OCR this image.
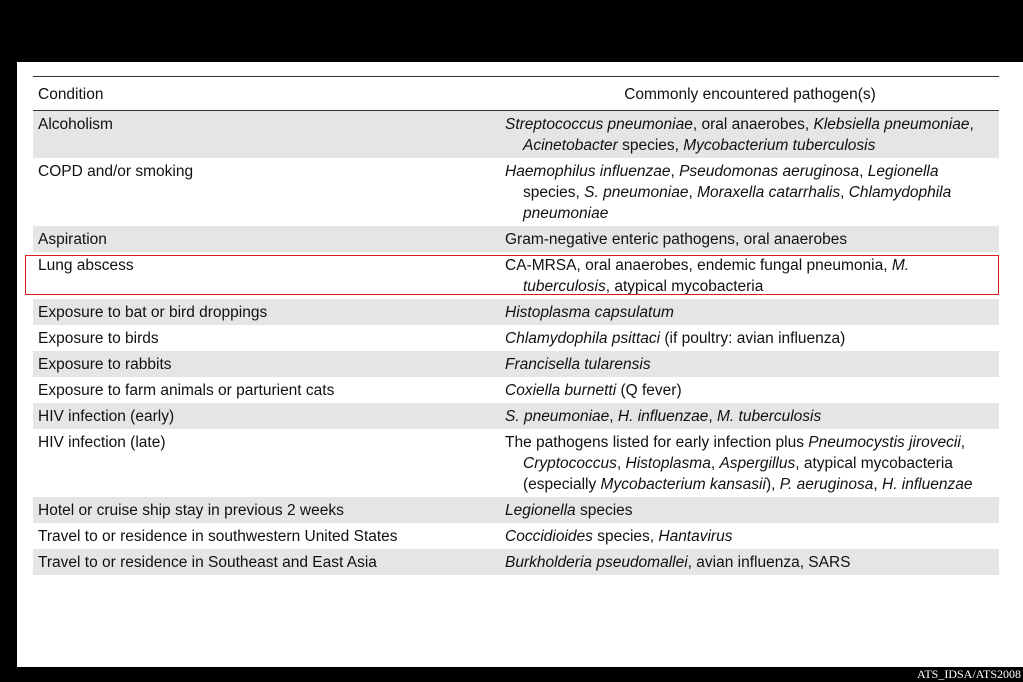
Condition	Commonly encountered pathogen(s)
Alcoholism	Streptococcus pneumoniae, oral anaerobes, Klebsiella pneumoniae, Acinetobacter species, Mycobacterium tuberculosis

COPD and/or smoking	Haemophilus influenzae, Pseudomonas aeruginosa, Legionella species, S. pneumoniae, Moraxella catarrhalis, Chlamydophila pneumoniae

Aspiration	Gram-negative enteric pathogens, oral anaerobes

Lung abscess	CA-MRSA, oral anaerobes, endemic fungal pneumonia, M. tuberculosis, atypical mycobacteria

Exposure to bat or bird droppings	Histoplasma capsulatum

Exposure to birds	Chlamydophila psittaci (if poultry: avian influenza)

Exposure to rabbits	Francisella tularensis

Exposure to farm animals or parturient cats	Coxiella burnetti (Q fever)

HIV infection (early)	S. pneumoniae, H. influenzae, M. tuberculosis

HIV infection (late)	The pathogens listed for early infection plus Pneumocystis jirovecii, Cryptococcus, Histoplasma, Aspergillus, atypical mycobacteria (especially Mycobacterium kansasii), P. aeruginosa, H. influenzae

Hotel or cruise ship stay in previous 2 weeks	Legionella species

Travel to or residence in southwestern United States	Coccidioides species, Hantavirus

Travel to or residence in Southeast and East Asia	Burkholderia pseudomallei, avian influenza, SARS
ATS_IDSA/ATS2008
